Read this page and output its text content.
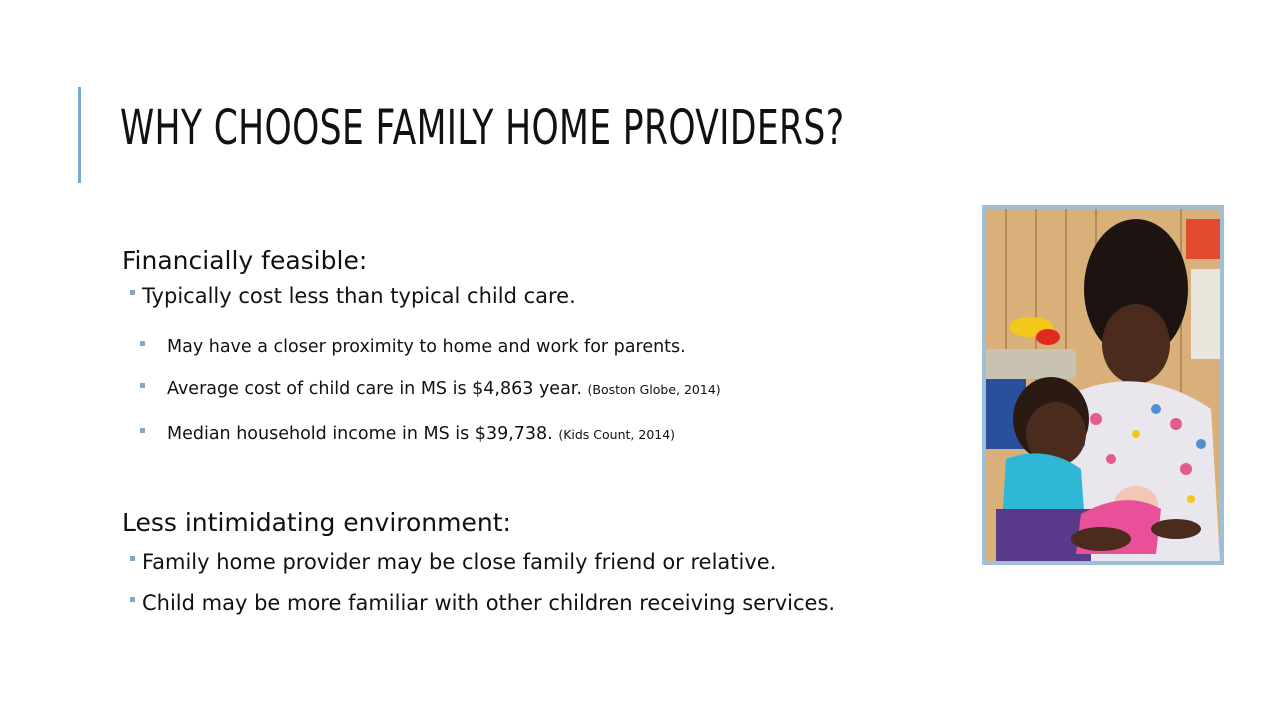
WHY CHOOSE FAMILY HOME PROVIDERS?
Financially feasible:
Typically cost less than typical child care.
May have a closer proximity to home and work for parents.
Average cost of child care in MS is $4,863 year. (Boston Globe, 2014)
Median household income in MS is $39,738. (Kids Count, 2014)
Less intimidating environment:
Family home provider may be close family friend or relative.
Child may be more familiar with other children receiving services.
